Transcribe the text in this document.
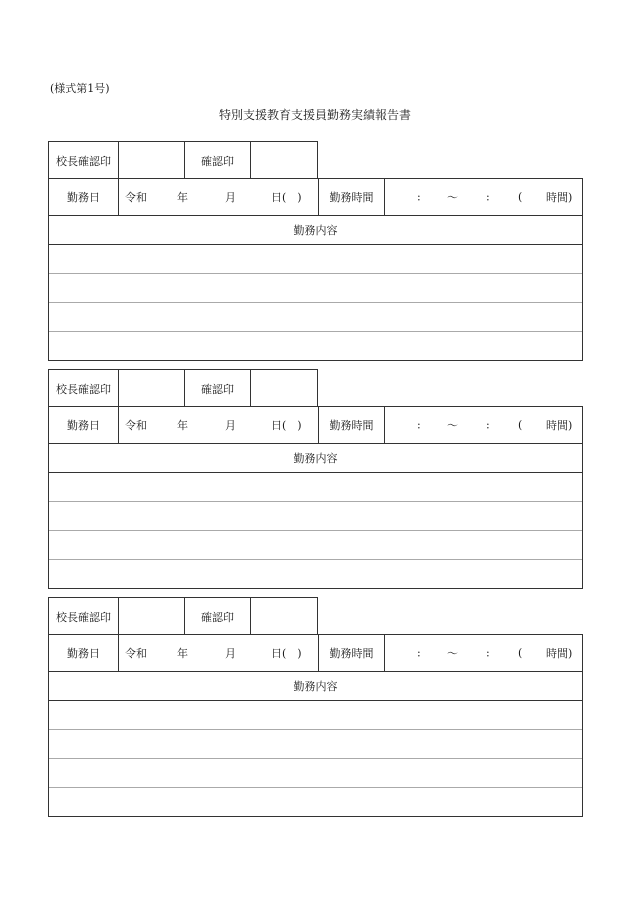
(様式第1号)
特別支援教育支援員勤務実績報告書
校長確認印	確認印
勤務日	令和	年	月	日(　)	勤務時間	: 〜	:	( 時間)
勤務内容
校長確認印	確認印
勤務日	令和	年	月	日(　)	勤務時間	: 〜	:	( 時間)
勤務内容
校長確認印	確認印
勤務日	令和	年	月	日(　)	勤務時間	: 〜	:	( 時間)
勤務内容
